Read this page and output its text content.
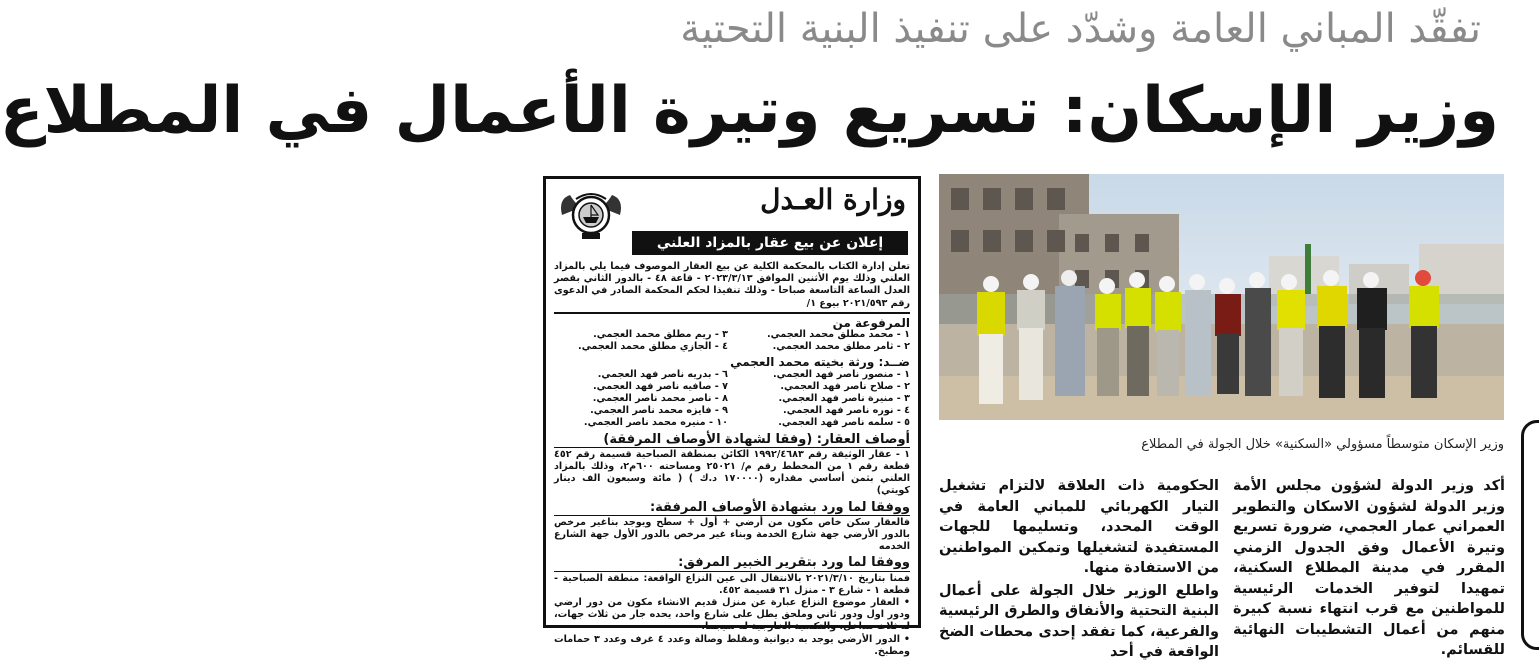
تفقّد المباني العامة وشدّد على تنفيذ البنية التحتية
وزير الإسكان: تسريع وتيرة الأعمال في المطلاع
وزارة العـدل
إعلان عن بيع عقار بالمزاد العلني

تعلن إدارة الكتاب بالمحكمة الكلية عن بيع العقار الموصوف فيما يلي بالمزاد العلني وذلك يوم الأثنين الموافق ٢٠٢٣/٣/١٣ - قاعة ٤٨ - بالدور الثاني بقصر العدل الساعة التاسعة صباحا - وذلك تنفيذا لحكم المحكمة الصادر في الدعوى رقم ٢٠٢١/٥٩٣ بيوع ١/

المرفوعة من
١ - محمد مطلق محمد العجمي.
٣ - ريم مطلق محمد العجمي.
٢ - ثامر مطلق محمد العجمي.
٤ - الجازي مطلق محمد العجمي.
ضــد: ورثة بخيته محمد العجمي
١ - منصور ناصر فهد العجمي.
٦ - بدريه ناصر فهد العجمي.
٢ - صلاح ناصر فهد العجمي.
٧ - صافيه ناصر فهد العجمي.
٣ - منيرة ناصر فهد العجمي.
٨ - ناصر محمد ناصر العجمي.
٤ - نوره ناصر فهد العجمي.
٩ - فايزه محمد ناصر العجمي.
٥ - سلمه ناصر فهد العجمي.
١٠ - منيره محمد ناصر العجمي.
أوصاف العقار: (وفقا لشهادة الأوصاف المرفقة)

١ - عقار الوثيقة رقم ١٩٩٢/٤٦٨٣ الكائن بمنطقة الصباحية قسيمة رقم ٤٥٢ قطعة رقم ١ من المخطط رقم م/ ٢٥٠٢١ ومساحته ٦٠٠م٢، وذلك بالمزاد العلني بثمن أساسي مقداره (١٧٠٠٠٠ د.ك ) ( مائة وسبعون الف دينار كويتي)

ووفقا لما ورد بشهادة الأوصاف المرفقة:

فالعقار سكن خاص مكون من أرضي + أول + سطح ويوجد بناغير مرخص بالدور الأرضي جهة شارع الخدمة وبناء غير مرخص بالدور الأول جهة الشارع الخدمه

ووفقا لما ورد بتقرير الخبير المرفق:

فمنا بتاريخ ٢٠٢١/٣/١٠ بالانتقال الى عين النزاع الواقعة: منطقة الصباحية - قطعة ١ - شارع ٣ - منزل ٣١ قسيمة ٤٥٢.

• العقار موضوع النزاع عبارة عن منزل قديم الانشاء مكون من دور ارضي ودور اول ودور ثاني وملحق يطل على شارع واحد، يحده جار من ثلاث جهات، له ثلاث مداخل، والتكسية الخارجية له سيجما.

• الدور الأرضي يوجد به ديوانية ومقلط وصالة وعدد ٤ غرف وعدد ٣ حمامات ومطبخ.

وزير الإسكان متوسطاً مسؤولي «السكنية» خلال الجولة في المطلاع

أكد وزير الدولة لشؤون مجلس الأمة وزير الدولة لشؤون الاسكان والتطوير العمراني عمار العجمي، ضرورة تسريع وتيرة الأعمال وفق الجدول الزمني المقرر في مدينة المطلاع السكنية، تمهيدا لتوفير الخدمات الرئيسية للمواطنين مع قرب انتهاء نسبة كبيرة منهم من أعمال التشطيبات النهائية للقسائم.

الحكومية ذات العلاقة لالتزام تشغيل التيار الكهربائي للمباني العامة في الوقت المحدد، وتسليمها للجهات المستفيدة لتشغيلها وتمكين المواطنين من الاستفادة منها.

واطلع الوزير خلال الجولة على أعمال البنية التحتية والأنفاق والطرق الرئيسية والفرعية، كما تفقد إحدى محطات الضخ الواقعة في أحد
